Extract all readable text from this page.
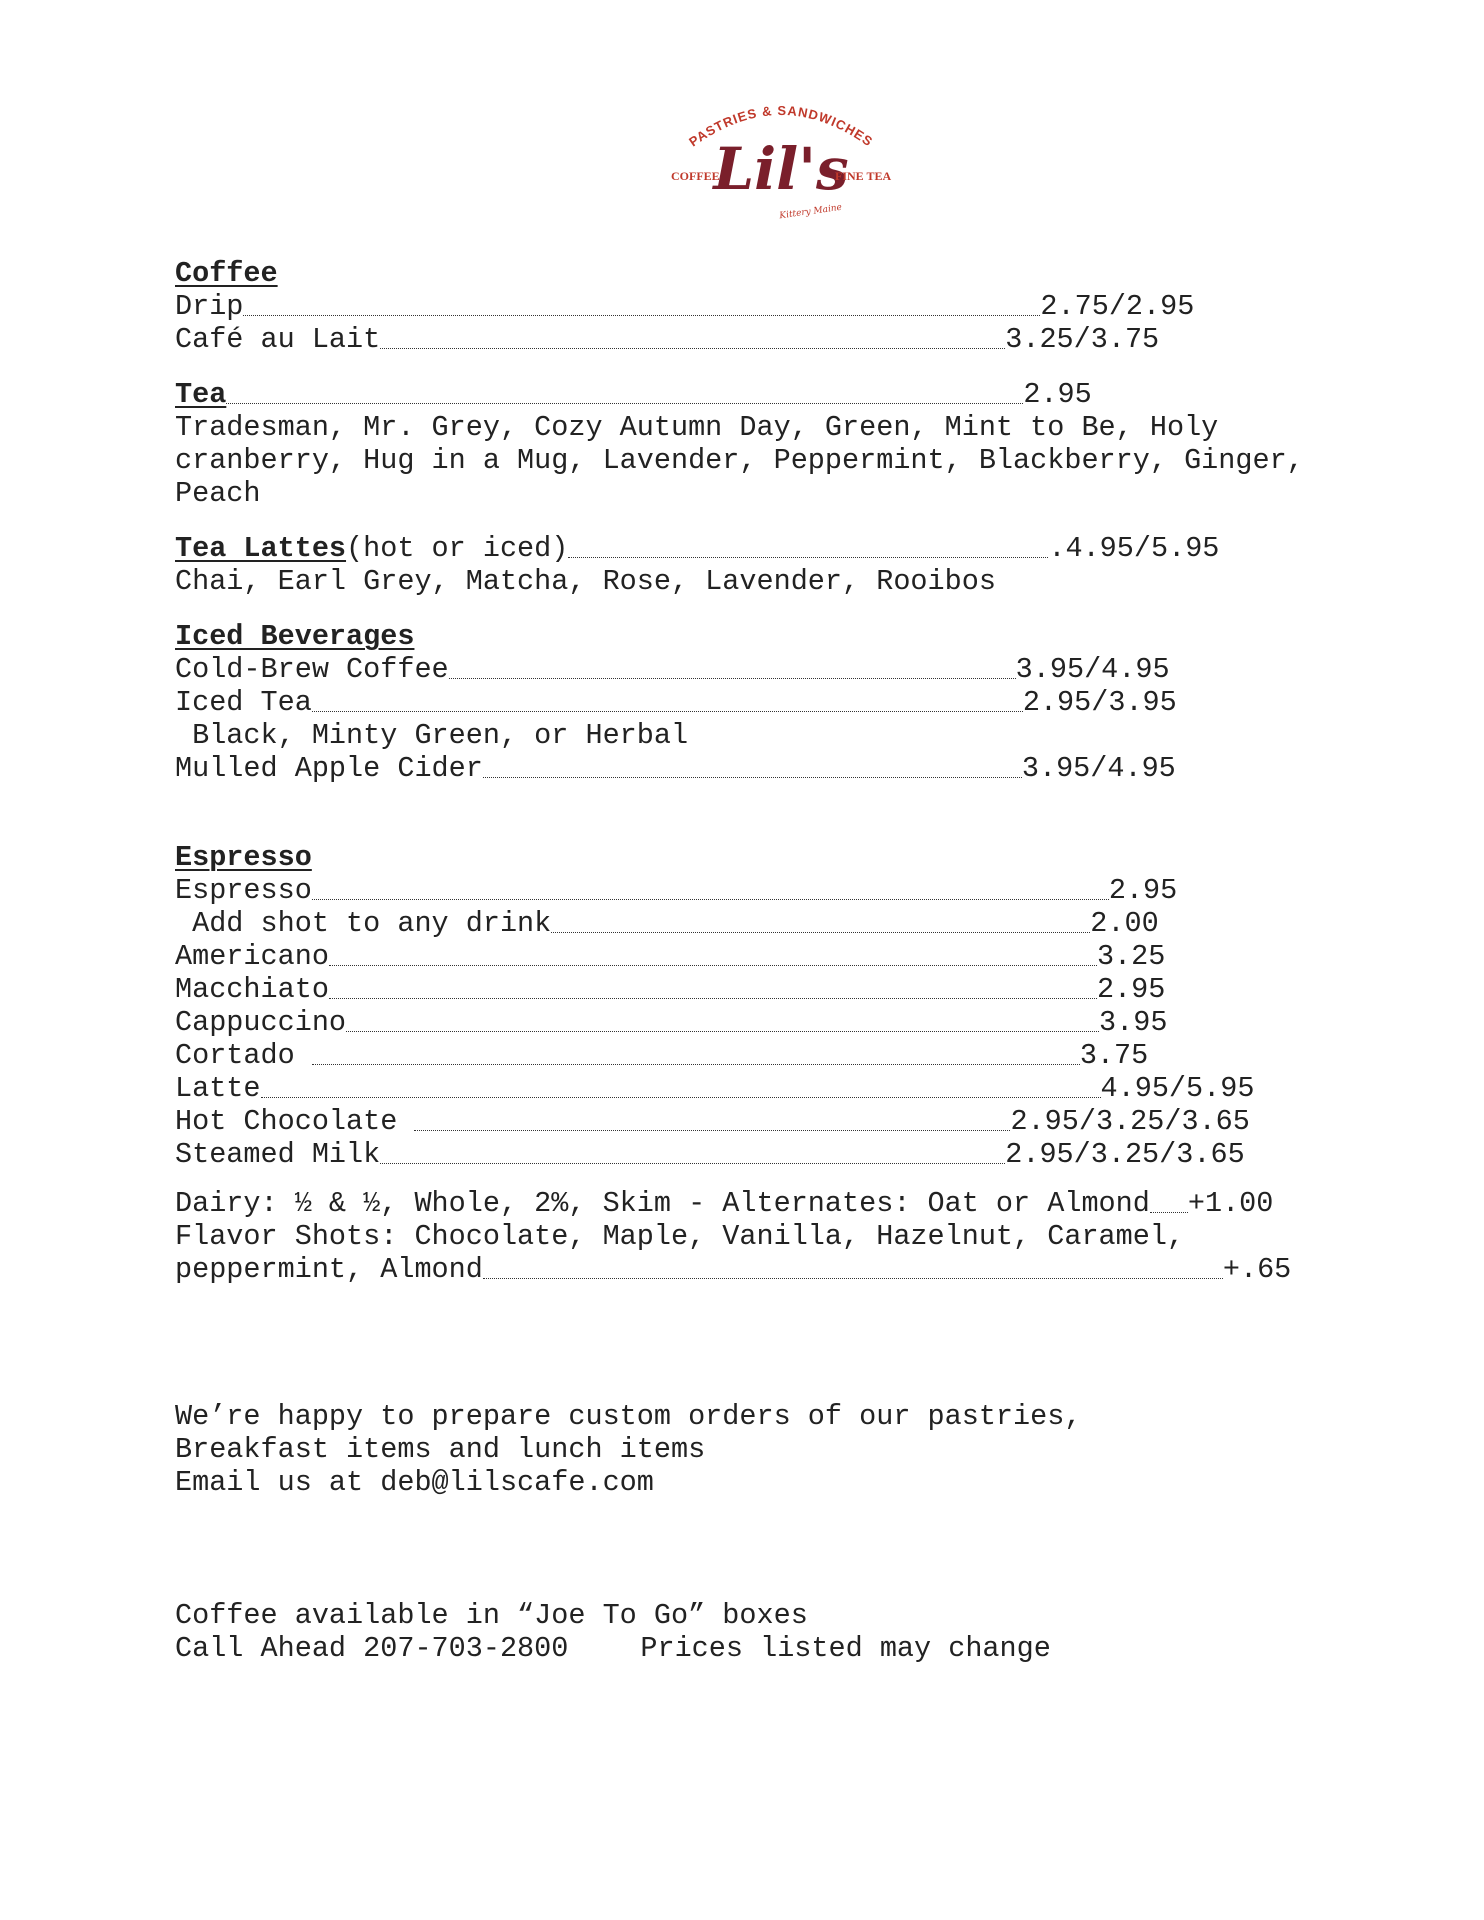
PASTRIES & SANDWICHES
COFFEE
Lil's
FINE TEA
Kittery Maine
Coffee
Drip	2.75/2.95
Café au Lait	3.25/3.75
Tea	2.95
Tradesman, Mr. Grey, Cozy Autumn Day, Green, Mint to Be, Holy cranberry, Hug in a Mug, Lavender, Peppermint, Blackberry, Ginger, Peach
Tea Lattes (hot or iced)	.4.95/5.95
Chai, Earl Grey, Matcha, Rose, Lavender, Rooibos
Iced Beverages
Cold-Brew Coffee	3.95/4.95
Iced Tea	2.95/3.95
Black, Minty Green, or Herbal
Mulled Apple Cider	3.95/4.95
Espresso
Espresso	2.95
Add shot to any drink	2.00
Americano	3.25
Macchiato	2.95
Cappuccino	3.95
Cortado	3.75
Latte	4.95/5.95
Hot Chocolate	2.95/3.25/3.65
Steamed Milk	2.95/3.25/3.65
Dairy: ½ & ½, Whole, 2%, Skim - Alternates: Oat or Almond +1.00
Flavor Shots: Chocolate, Maple, Vanilla, Hazelnut, Caramel,
peppermint, Almond	+.65
We’re happy to prepare custom orders of our pastries,
Breakfast items and lunch items
Email us at deb@lilscafe.com
Coffee available in “Joe To Go” boxes
Call Ahead 207-703-2800	Prices listed may change
